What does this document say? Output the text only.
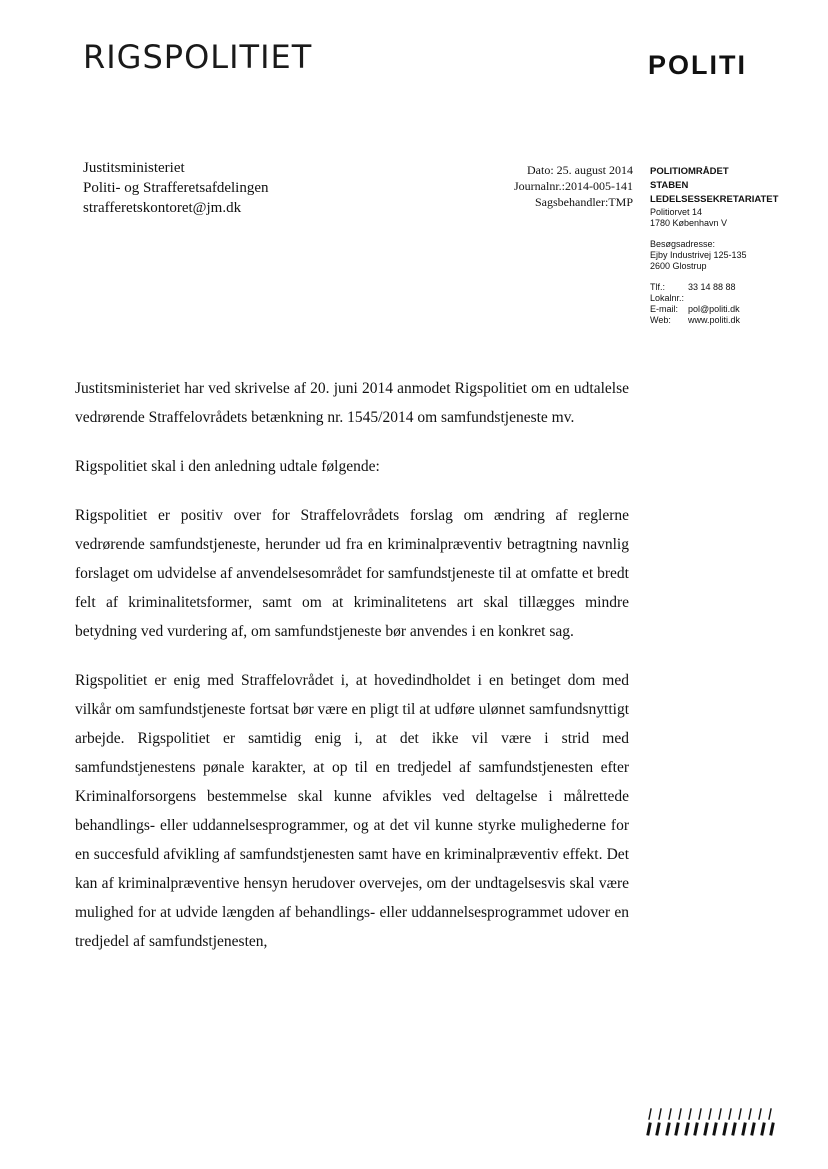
RIGSPOLITIET	POLITI
Justitsministeriet
Politi- og Strafferetsafdelingen
strafferetskontoret@jm.dk
Dato: 25. august 2014
Journalnr.:2014-005-141
Sagsbehandler:TMP
POLITIOMRÅDET
STABEN
LEDELSESSEKRETARIATET
Politiorvet 14
1780 København V
Besøgsadresse:
Ejby Industrivej 125-135
2600 Glostrup
Tlf.:	33 14 88 88
Lokalnr.:
E-mail:	pol@politi.dk
Web:	www.politi.dk

Justitsministeriet har ved skrivelse af 20. juni 2014 anmodet Rigspolitiet om en udtalelse vedrørende Straffelovrådets betænkning nr. 1545/2014 om samfundstjeneste mv.

Rigspolitiet skal i den anledning udtale følgende:

Rigspolitiet er positiv over for Straffelovrådets forslag om ændring af reglerne vedrørende samfundstjeneste, herunder ud fra en kriminalpræventiv betragtning navnlig forslaget om udvidelse af anvendelsesområdet for samfundstjeneste til at omfatte et bredt felt af kriminalitetsformer, samt om at kriminalitetens art skal tillægges mindre betydning ved vurdering af, om samfundstjeneste bør anvendes i en konkret sag.

Rigspolitiet er enig med Straffelovrådet i, at hovedindholdet i en betinget dom med vilkår om samfundstjeneste fortsat bør være en pligt til at udføre ulønnet samfundsnyttigt arbejde. Rigspolitiet er samtidig enig i, at det ikke vil være i strid med samfundstjenestens pønale karakter, at op til en tredjedel af samfundstjenesten efter Kriminalforsorgens bestemmelse skal kunne afvikles ved deltagelse i målrettede behandlings- eller uddannelsesprogrammer, og at det vil kunne styrke mulighederne for en succesfuld afvikling af samfundstjenesten samt have en kriminalpræventiv effekt. Det kan af kriminalpræventive hensyn herudover overvejes, om der undtagelsesvis skal være mulighed for at udvide længden af behandlings- eller uddannelsesprogrammet udover en tredjedel af samfundstjenesten,
